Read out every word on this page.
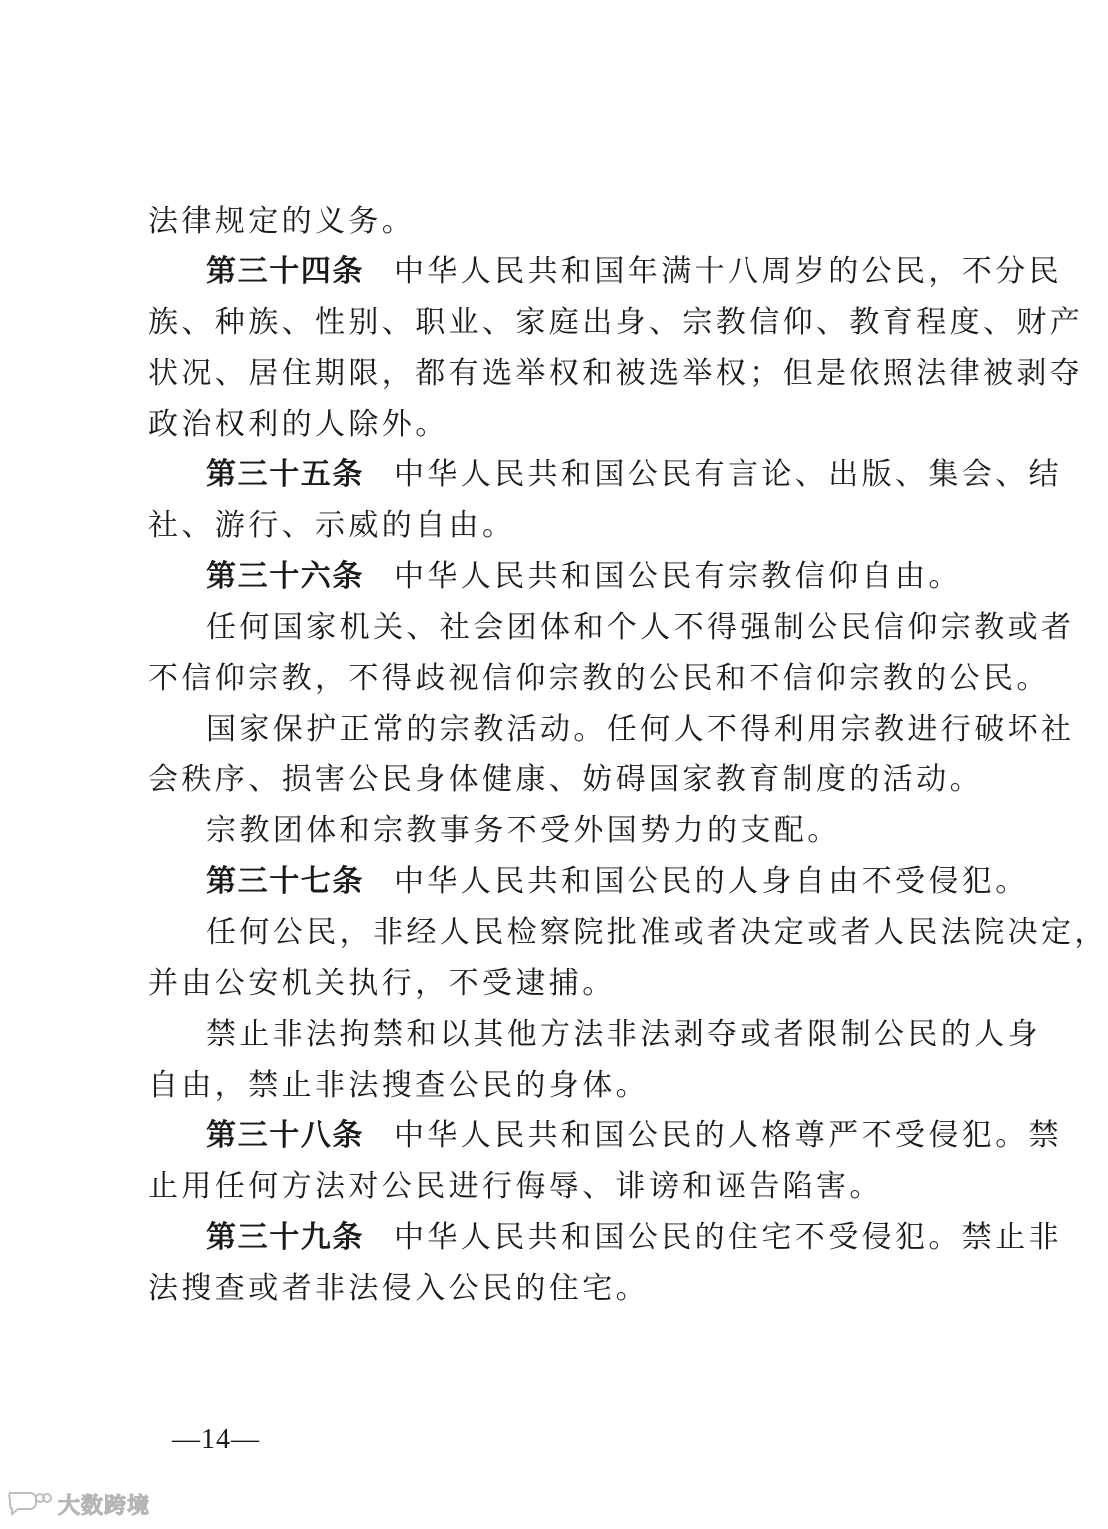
法律规定的义务。
第三十四条 中华人民共和国年满十八周岁的公民，不分民
族、种族、性别、职业、家庭出身、宗教信仰、教育程度、财产
状况、居住期限，都有选举权和被选举权；但是依照法律被剥夺
政治权利的人除外。
第三十五条 中华人民共和国公民有言论、出版、集会、结
社、游行、示威的自由。
第三十六条 中华人民共和国公民有宗教信仰自由。
任何国家机关、社会团体和个人不得强制公民信仰宗教或者
不信仰宗教，不得歧视信仰宗教的公民和不信仰宗教的公民。
国家保护正常的宗教活动。任何人不得利用宗教进行破坏社
会秩序、损害公民身体健康、妨碍国家教育制度的活动。
宗教团体和宗教事务不受外国势力的支配。
第三十七条 中华人民共和国公民的人身自由不受侵犯。
任何公民，非经人民检察院批准或者决定或者人民法院决定，
并由公安机关执行，不受逮捕。
禁止非法拘禁和以其他方法非法剥夺或者限制公民的人身
自由，禁止非法搜查公民的身体。
第三十八条 中华人民共和国公民的人格尊严不受侵犯。禁
止用任何方法对公民进行侮辱、诽谤和诬告陷害。
第三十九条 中华人民共和国公民的住宅不受侵犯。禁止非
法搜查或者非法侵入公民的住宅。
—14—
大数跨境
